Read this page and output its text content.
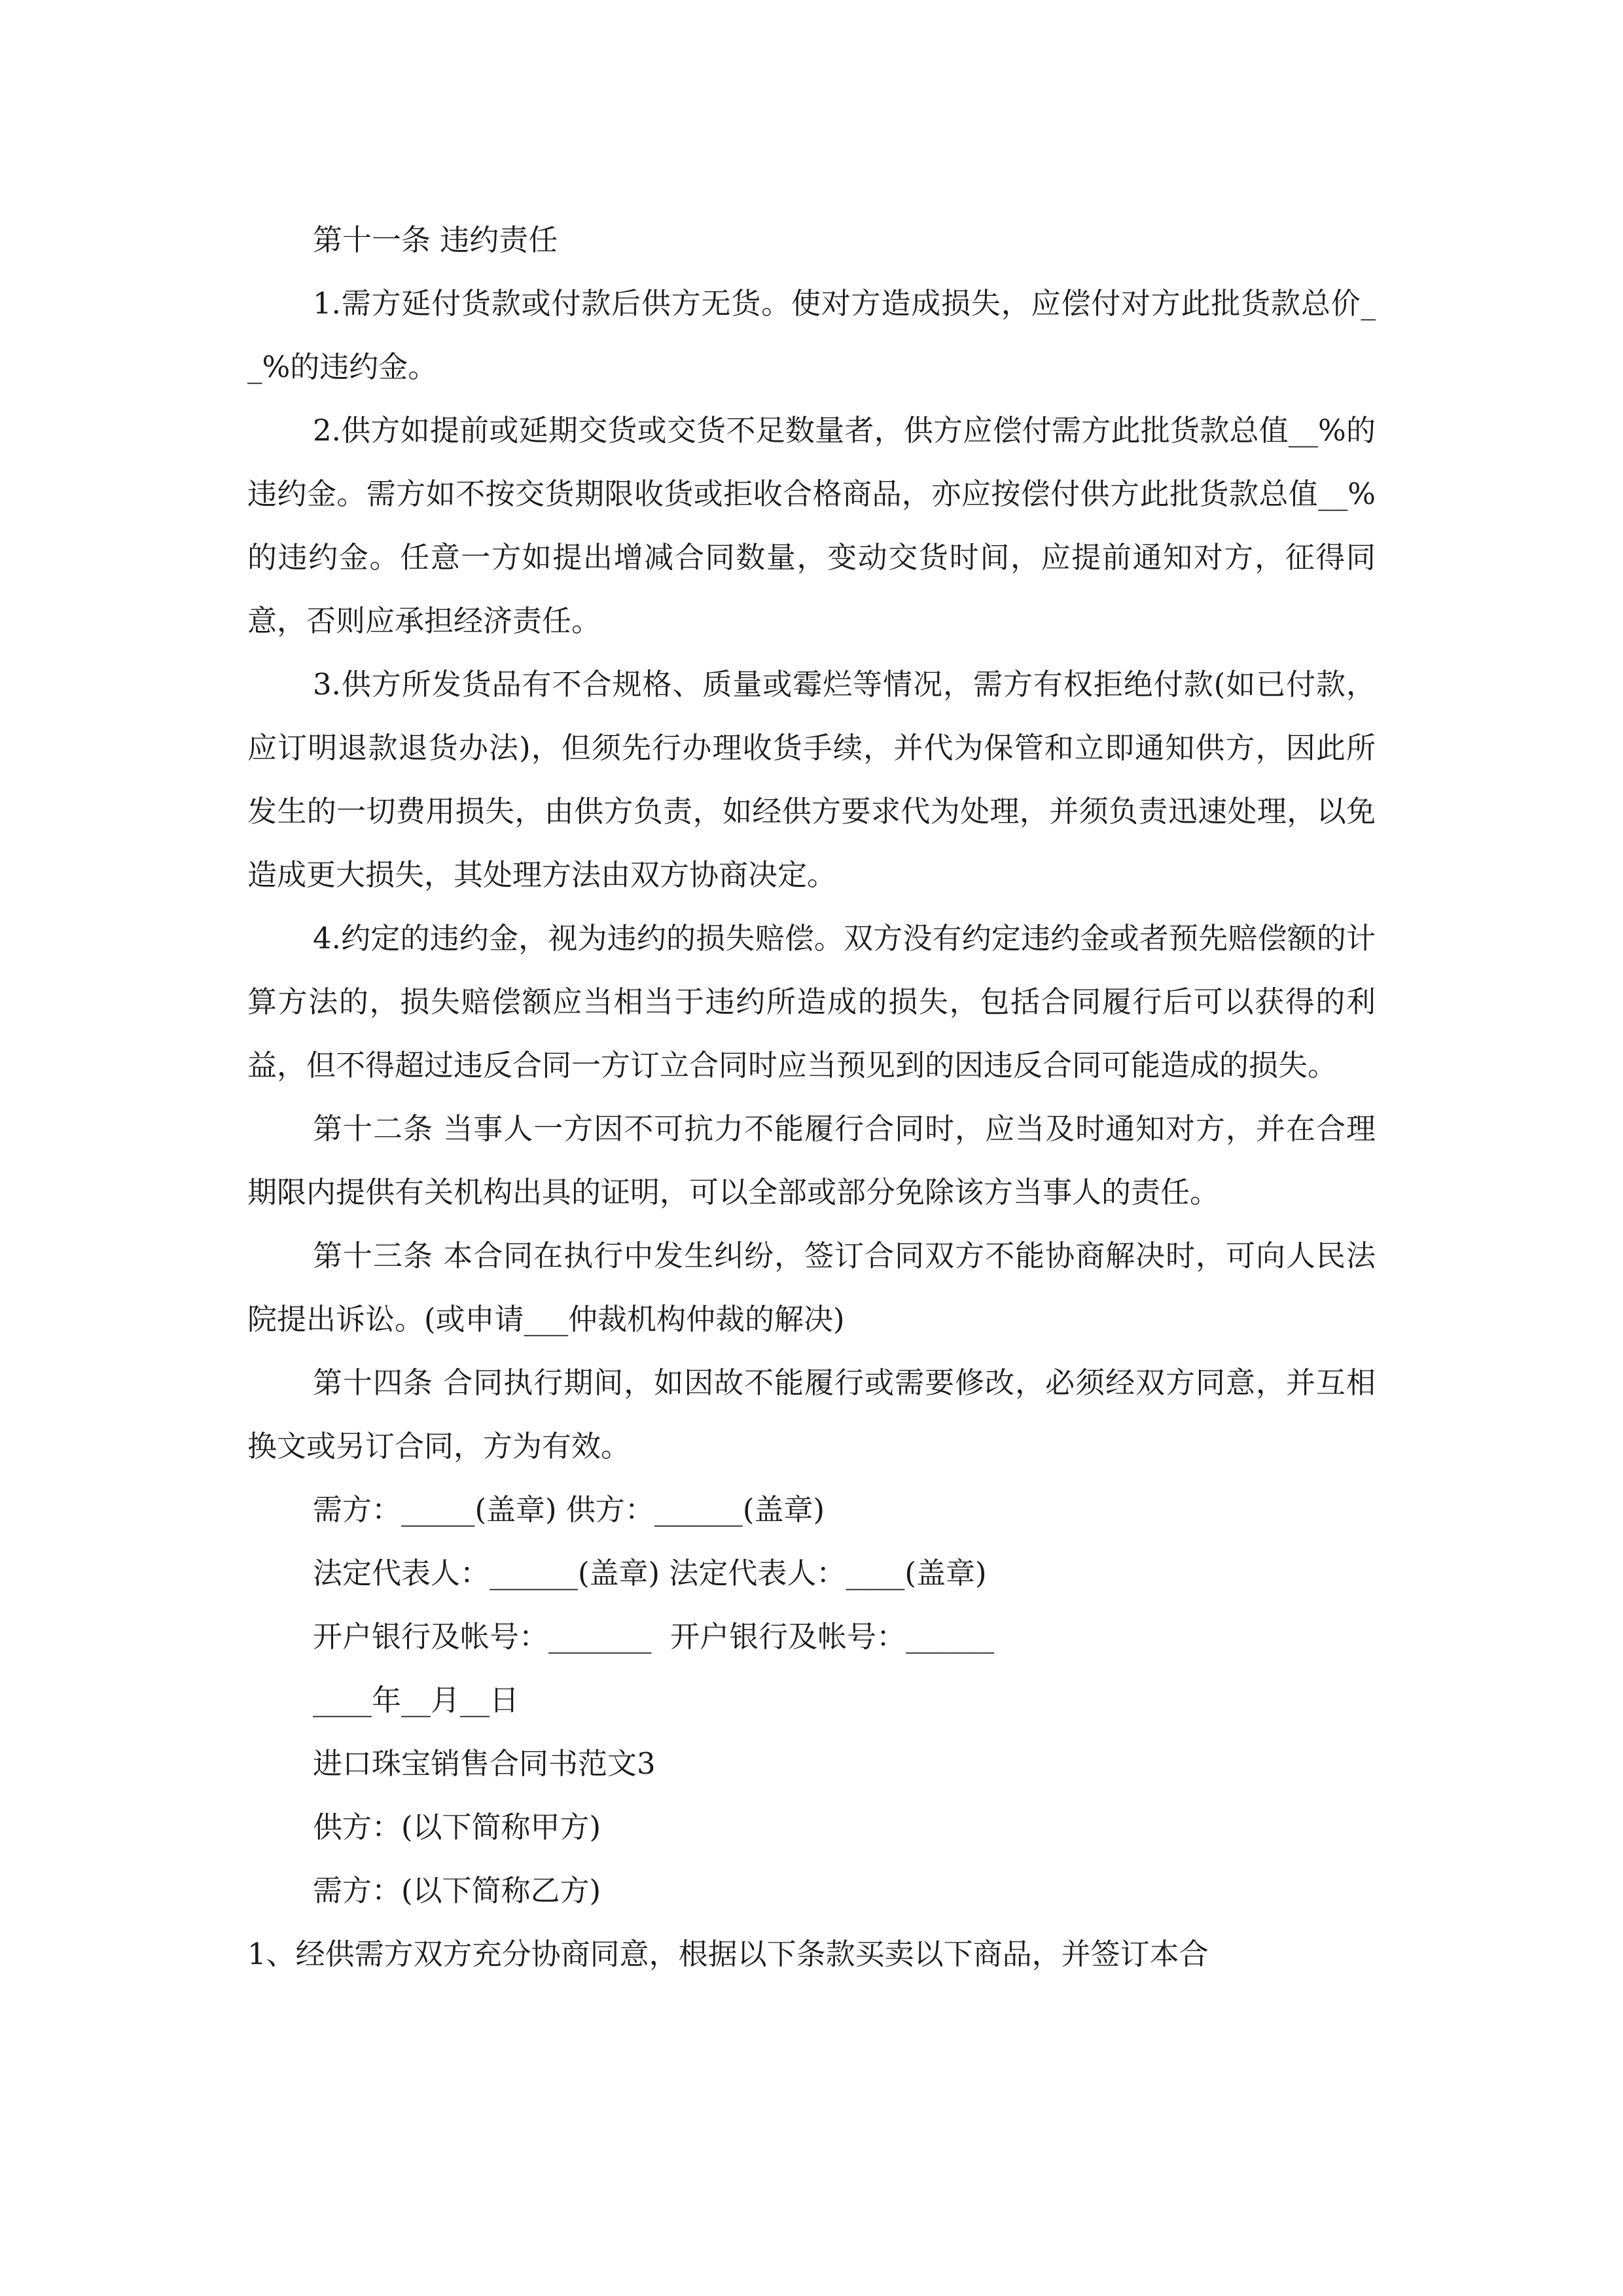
第十一条 违约责任

1.需方延付货款或付款后供方无货。使对方造成损失，应偿付对方此批货款总价__%的违约金。

2.供方如提前或延期交货或交货不足数量者，供方应偿付需方此批货款总值__%的违约金。需方如不按交货期限收货或拒收合格商品，亦应按偿付供方此批货款总值__%的违约金。任意一方如提出增减合同数量，变动交货时间，应提前通知对方，征得同意，否则应承担经济责任。

3.供方所发货品有不合规格、质量或霉烂等情况，需方有权拒绝付款(如已付款，应订明退款退货办法)，但须先行办理收货手续，并代为保管和立即通知供方，因此所发生的一切费用损失，由供方负责，如经供方要求代为处理，并须负责迅速处理，以免造成更大损失，其处理方法由双方协商决定。

4.约定的违约金，视为违约的损失赔偿。双方没有约定违约金或者预先赔偿额的计算方法的，损失赔偿额应当相当于违约所造成的损失，包括合同履行后可以获得的利益，但不得超过违反合同一方订立合同时应当预见到的因违反合同可能造成的损失。

第十二条 当事人一方因不可抗力不能履行合同时，应当及时通知对方，并在合理期限内提供有关机构出具的证明，可以全部或部分免除该方当事人的责任。

第十三条 本合同在执行中发生纠纷，签订合同双方不能协商解决时，可向人民法院提出诉讼。(或申请___仲裁机构仲裁的解决)

第十四条 合同执行期间，如因故不能履行或需要修改，必须经双方同意，并互相换文或另订合同，方为有效。

需方：_____(盖章) 供方：______(盖章)

法定代表人：______(盖章) 法定代表人：____(盖章)

开户银行及帐号：_______  开户银行及帐号：______

____年__月__日

进口珠宝销售合同书范文3

供方：(以下简称甲方)

需方：(以下简称乙方)

1、经供需方双方充分协商同意，根据以下条款买卖以下商品，并签订本合
